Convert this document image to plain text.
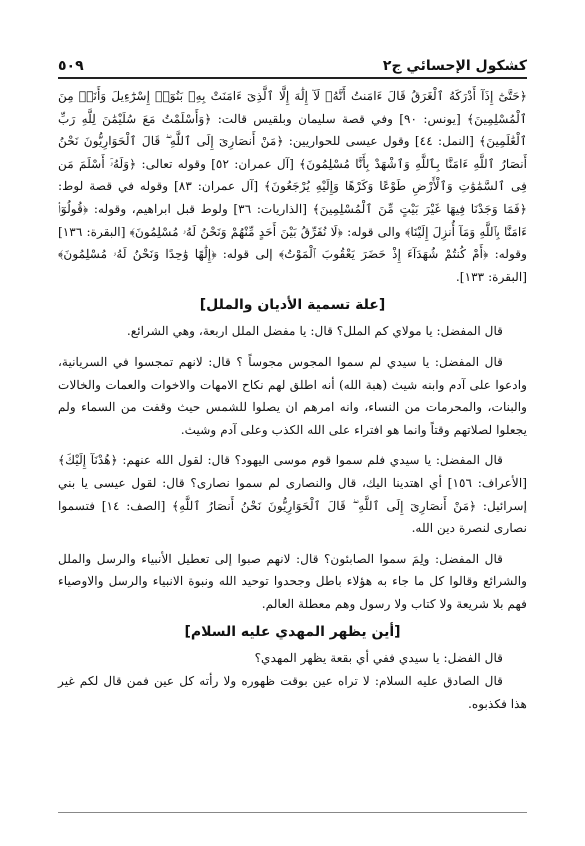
كشكول الإحسائي ج٢
٥٠٩

﴿حَتَّىٰٓ إِذَآ أَدْرَكَهُ ٱلْغَرَقُ قَالَ ءَامَنتُ أَنَّهُۥ لَآ إِلَٰهَ إِلَّا ٱلَّذِىٓ ءَامَنَتْ بِهِۦ بَنُوٓا۟ إِسْرَٰٓءِيلَ وَأَنَا۠ مِنَ ٱلْمُسْلِمِينَ﴾ [يونس: ٩٠] وفي قصة سليمان وبلقيس قالت: ﴿وَأَسْلَمْتُ مَعَ سُلَيْمَٰنَ لِلَّهِ رَبِّ ٱلْعَٰلَمِينَ﴾ [النمل: ٤٤] وقول عيسى للحواريين: ﴿مَنْ أَنصَارِىٓ إِلَى ٱللَّهِ ۖ قَالَ ٱلْحَوَارِيُّونَ نَحْنُ أَنصَارُ ٱللَّهِ ءَامَنَّا بِٱللَّهِ وَٱشْهَدْ بِأَنَّا مُسْلِمُونَ﴾ [آل عمران: ٥٢] وقوله تعالى: ﴿وَلَهُۥٓ أَسْلَمَ مَن فِى ٱلسَّمَٰوَٰتِ وَٱلْأَرْضِ طَوْعًا وَكَرْهًا وَإِلَيْهِ يُرْجَعُونَ﴾ [آل عمران: ٨٣] وقوله في قصة لوط: ﴿فَمَا وَجَدْنَا فِيهَا غَيْرَ بَيْتٍ مِّنَ ٱلْمُسْلِمِينَ﴾ [الذاريات: ٣٦] ولوط قبل ابراهيم، وقوله: ﴿قُولُوٓا۟ ءَامَنَّا بِٱللَّهِ وَمَآ أُنزِلَ إِلَيْنَا﴾ والى قوله: ﴿لَا نُفَرِّقُ بَيْنَ أَحَدٍ مِّنْهُمْ وَنَحْنُ لَهُۥ مُسْلِمُونَ﴾ [البقرة: ١٣٦] وقوله: ﴿أَمْ كُنتُمْ شُهَدَآءَ إِذْ حَضَرَ يَعْقُوبَ ٱلْمَوْتُ﴾ إلى قوله: ﴿إِلَٰهًا وَٰحِدًا وَنَحْنُ لَهُۥ مُسْلِمُونَ﴾ [البقرة: ١٣٣].

[علة تسمية الأديان والملل]

قال المفضل: يا مولاي كم الملل؟ قال: يا مفضل الملل اربعة، وهي الشرائع.

قال المفضل: يا سيدي لم سموا المجوس مجوساً ؟ قال: لانهم تمجسوا في السريانية، وادعوا على آدم وابنه شيث (هبة الله) أنه اطلق لهم نكاح الامهات والاخوات والعمات والخالات والبنات، والمحرمات من النساء، وانه امرهم ان يصلوا للشمس حيث وقفت من السماء ولم يجعلوا لصلاتهم وقتاً وانما هو افتراء على الله الكذب وعلى آدم وشيث.

قال المفضل: يا سيدي فلم سموا قوم موسى اليهود؟ قال: لقول الله عنهم: ﴿هُدْنَآ إِلَيْكَ﴾ [الأعراف: ١٥٦] أي اهتدينا اليك، قال والنصارى لم سموا نصارى؟ قال: لقول عيسى يا بني إسرائيل: ﴿مَنْ أَنصَارِىٓ إِلَى ٱللَّهِ ۖ قَالَ ٱلْحَوَارِيُّونَ نَحْنُ أَنصَارُ ٱللَّهِ﴾ [الصف: ١٤] فتسموا نصارى لنصرة دين الله.

قال المفضل: ولِمَ سموا الصابئون؟ قال: لانهم صبوا إلى تعطيل الأنبياء والرسل والملل والشرائع وقالوا كل ما جاء به هؤلاء باطل وجحدوا توحيد الله ونبوة الانبياء والرسل والاوصياء فهم بلا شريعة ولا كتاب ولا رسول وهم معطلة العالم.

[أين يظهر المهدي عليه السلام]

قال الفضل: يا سيدي ففي أي بقعة يظهر المهدي؟

قال الصادق عليه السلام: لا تراه عين بوقت ظهوره ولا رأته كل عين فمن قال لكم غير هذا فكذبوه.
